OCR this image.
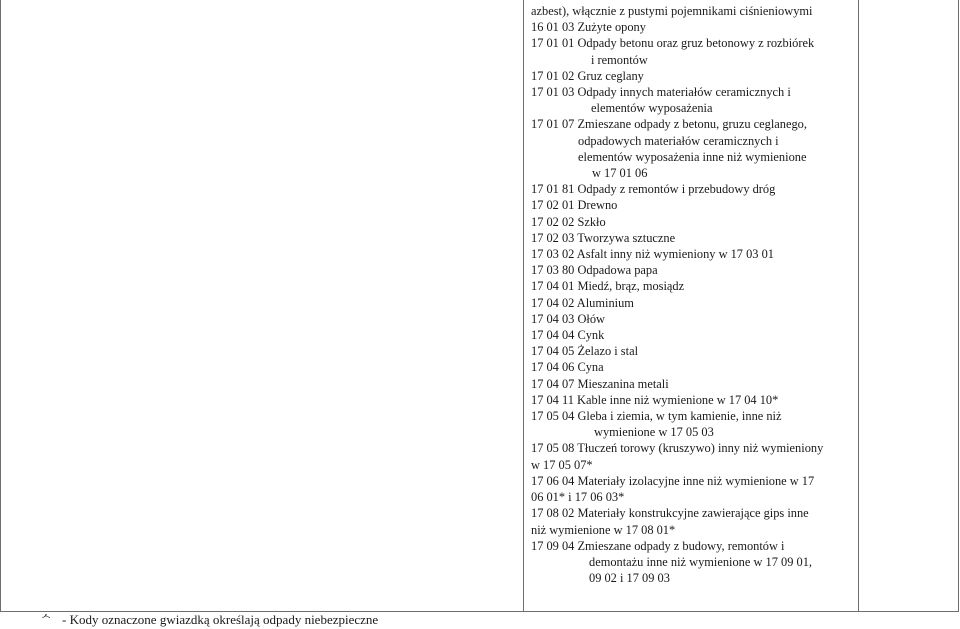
azbest), włącznie z pustymi pojemnikami ciśnieniowymi
16 01 03 Zużyte opony
17 01 01 Odpady betonu oraz gruz betonowy z rozbiórek
i remontów
17 01 02 Gruz ceglany
17 01 03 Odpady innych materiałów ceramicznych i
elementów wyposażenia
17 01 07 Zmieszane odpady z betonu, gruzu ceglanego,
odpadowych materiałów ceramicznych i
elementów wyposażenia inne niż wymienione
w 17 01 06
17 01 81 Odpady z remontów i przebudowy dróg
17 02 01 Drewno
17 02 02 Szkło
17 02 03 Tworzywa sztuczne
17 03 02 Asfalt inny niż wymieniony w 17 03 01
17 03 80 Odpadowa papa
17 04 01 Miedź, brąz, mosiądz
17 04 02 Aluminium
17 04 03 Ołów
17 04 04 Cynk
17 04 05 Żelazo i stal
17 04 06 Cyna
17 04 07 Mieszanina metali
17 04 11 Kable inne niż wymienione w 17 04 10*
17 05 04 Gleba i ziemia, w tym kamienie, inne niż
wymienione w 17 05 03
17 05 08 Tłuczeń torowy (kruszywo) inny niż wymieniony
w 17 05 07*
17 06 04 Materiały izolacyjne inne niż wymienione w 17
06 01* i 17 06 03*
17 08 02 Materiały konstrukcyjne zawierające gips inne
niż wymienione w 17 08 01*
17 09 04 Zmieszane odpady z budowy, remontów i
demontażu inne niż wymienione w 17 09 01,
09 02 i 17 09 03
ᄉ - Kody oznaczone gwiazdką określają odpady niebezpieczne
